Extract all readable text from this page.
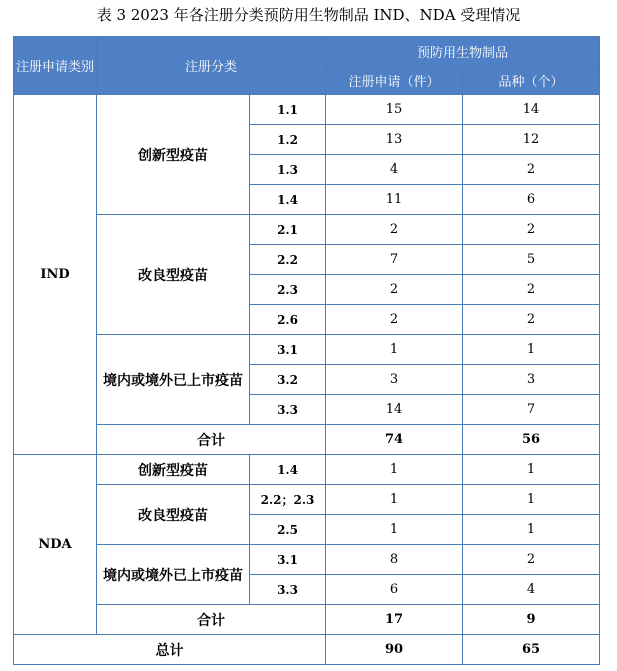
表 3 2023 年各注册分类预防用生物制品 IND、NDA 受理情况
注册申请类别	注册分类		预防用生物制品	
			注册申请（件）	品种（个）
IND	创新型疫苗	1.1	15	14
		1.2	13	12
		1.3	4	2
		1.4	11	6
	改良型疫苗	2.1	2	2
		2.2	7	5
		2.3	2	2
		2.6	2	2
	境内或境外已上市疫苗	3.1	1	1
		3.2	3	3
		3.3	14	7
	合计		74	56
NDA	创新型疫苗	1.4	1	1
	改良型疫苗	2.2；2.3	1	1
		2.5	1	1
	境内或境外已上市疫苗	3.1	8	2
		3.3	6	4
	合计		17	9
总计			90	65
